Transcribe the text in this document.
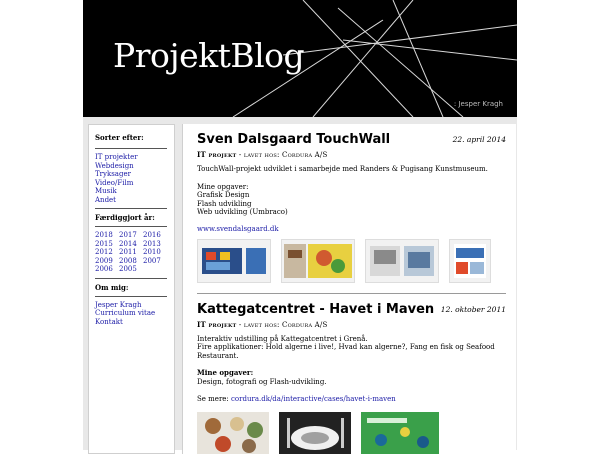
ProjektBlog
: Jesper Kragh
Sorter efter:
IT projekter
Webdesign
Tryksager
Video/Film
Musik
Andet
Færdiggjort år:
2018 2017 2016
2015 2014 2013
2012 2011 2010
2009 2008 2007
2006 2005
Om mig:
Jesper Kragh
Curriculum vitae
Kontakt
Sven Dalsgaard TouchWall	22. april 2014
IT projekt - lavet hos: Cordura A/S
TouchWall-projekt udviklet i samarbejde med Randers & Pugisang Kunstmuseum.
Mine opgaver:
Grafisk Design
Flash udvikling
Web udvikling (Umbraco)
www.svendalsgaard.dk
Kattegatcentret - Havet i Maven 12. oktober 2011
IT projekt - lavet hos: Cordura A/S
Interaktiv udstilling på Kattegatcentret i Grenå.
Fire applikationer: Hold algerne i live!, Hvad kan algerne?, Fang en fisk og Seafood Restaurant.
Mine opgaver:
Design, fotografi og Flash-udvikling.
Se mere: cordura.dk/da/interactive/cases/havet-i-maven
